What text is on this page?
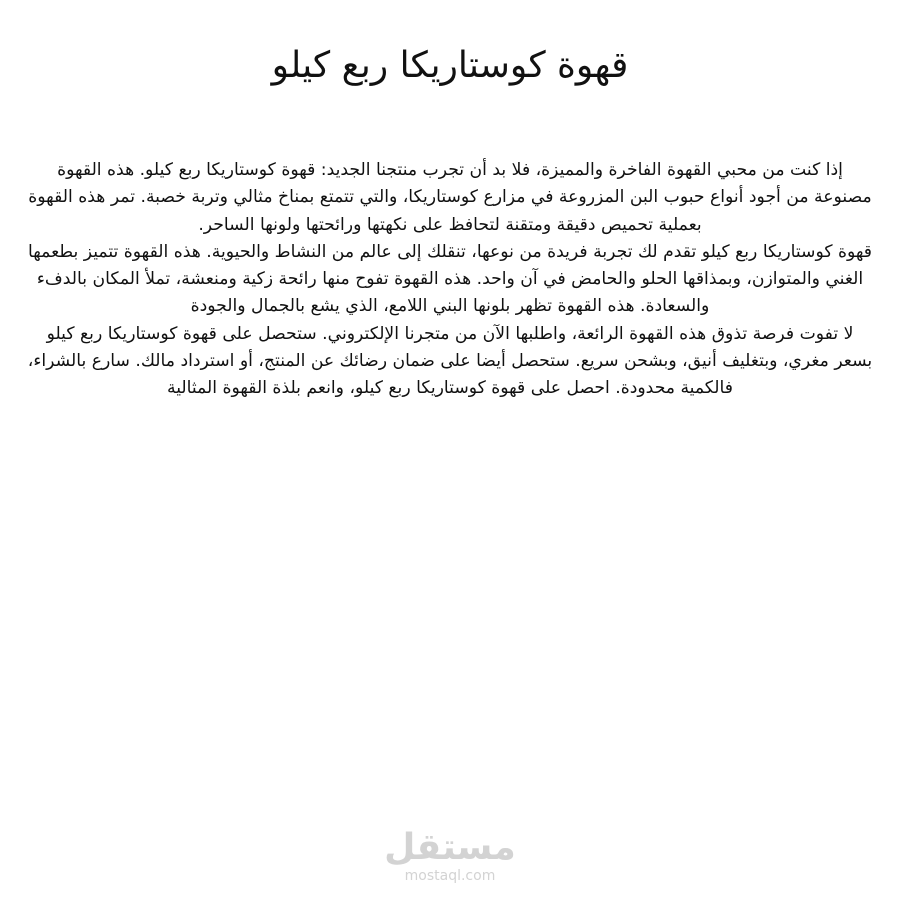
قهوة كوستاريكا ربع كيلو

إذا كنت من محبي القهوة الفاخرة والمميزة، فلا بد أن تجرب منتجنا الجديد: قهوة كوستاريكا ربع كيلو. هذه القهوة مصنوعة من أجود أنواع حبوب البن المزروعة في مزارع كوستاريكا، والتي تتمتع بمناخ مثالي وتربة خصبة. تمر هذه القهوة بعملية تحميص دقيقة ومتقنة لتحافظ على نكهتها ورائحتها ولونها الساحر.

قهوة كوستاريكا ربع كيلو تقدم لك تجربة فريدة من نوعها، تنقلك إلى عالم من النشاط والحيوية. هذه القهوة تتميز بطعمها الغني والمتوازن، وبمذاقها الحلو والحامض في آن واحد. هذه القهوة تفوح منها رائحة زكية ومنعشة، تملأ المكان بالدفء والسعادة. هذه القهوة تظهر بلونها البني اللامع، الذي يشع بالجمال والجودة

لا تفوت فرصة تذوق هذه القهوة الرائعة، واطلبها الآن من متجرنا الإلكتروني. ستحصل على قهوة كوستاريكا ربع كيلو بسعر مغري، وبتغليف أنيق، وبشحن سريع. ستحصل أيضا على ضمان رضائك عن المنتج، أو استرداد مالك. سارع بالشراء، فالكمية محدودة. احصل على قهوة كوستاريكا ربع كيلو، وانعم بلذة القهوة المثالية

مستقل
mostaql.com
